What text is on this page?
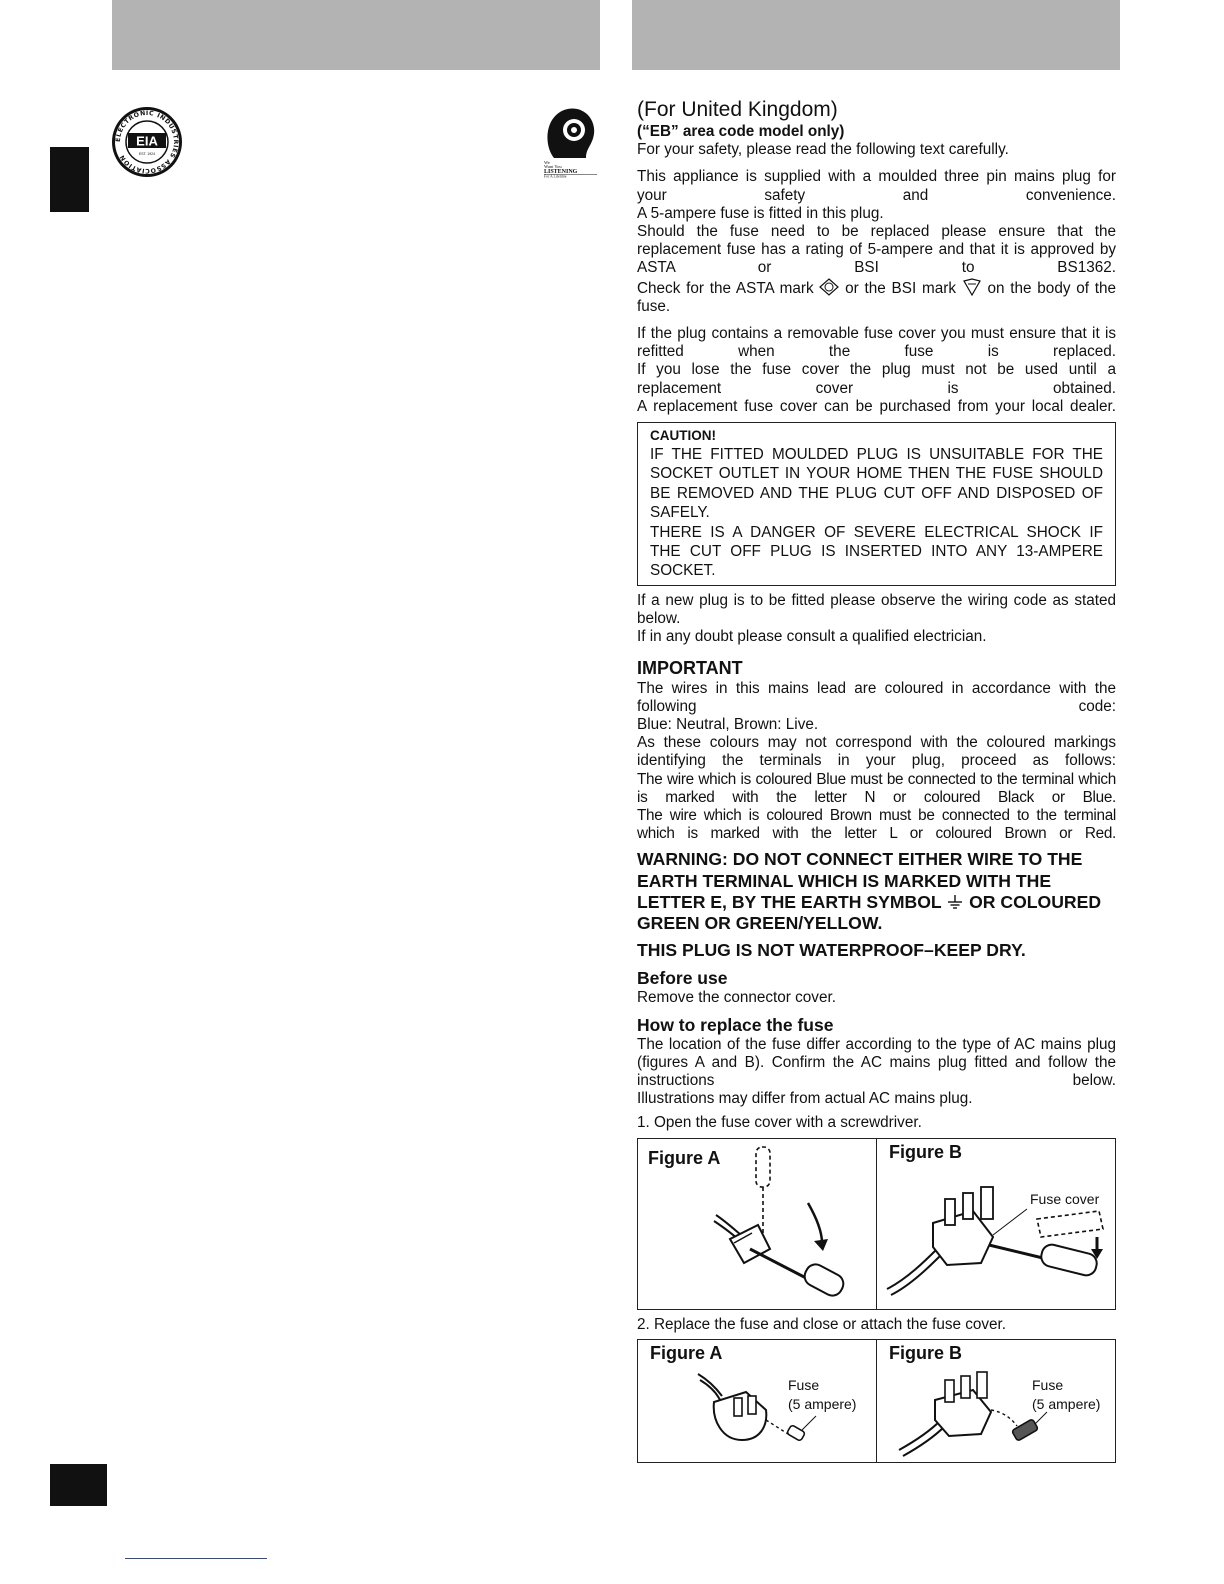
ELECTRONIC INDUSTRIES ASSOCIATION
EIA
EST. 1924
We
Want You
LISTENING
For A Lifetime
(For United Kingdom)

(“EB” area code model only)

For your safety, please read the following text carefully.

This appliance is supplied with a moulded three pin mains plug for your safety and convenience.

A 5-ampere fuse is fitted in this plug.

Should the fuse need to be replaced please ensure that the replacement fuse has a rating of 5-ampere and that it is approved by ASTA or BSI to BS1362.

Check for the ASTA mark or the BSI mark on the body of the fuse.

If the plug contains a removable fuse cover you must ensure that it is refitted when the fuse is replaced.

If you lose the fuse cover the plug must not be used until a replacement cover is obtained.

A replacement fuse cover can be purchased from your local dealer.

CAUTION!
IF THE FITTED MOULDED PLUG IS UNSUITABLE FOR THE SOCKET OUTLET IN YOUR HOME THEN THE FUSE SHOULD BE REMOVED AND THE PLUG CUT OFF AND DISPOSED OF SAFELY.
THERE IS A DANGER OF SEVERE ELECTRICAL SHOCK IF THE CUT OFF PLUG IS INSERTED INTO ANY 13-AMPERE SOCKET.

If a new plug is to be fitted please observe the wiring code as stated below.

If in any doubt please consult a qualified electrician.

IMPORTANT

The wires in this mains lead are coloured in accordance with the following code:

Blue: Neutral, Brown: Live.

As these colours may not correspond with the coloured markings identifying the terminals in your plug, proceed as follows:

The wire which is coloured Blue must be connected to the terminal which is marked with the letter N or coloured Black or Blue.

The wire which is coloured Brown must be connected to the terminal which is marked with the letter L or coloured Brown or Red.

WARNING: DO NOT CONNECT EITHER WIRE TO THE EARTH TERMINAL WHICH IS MARKED WITH THE LETTER E, BY THE EARTH SYMBOL OR COLOURED GREEN OR GREEN/YELLOW.

THIS PLUG IS NOT WATERPROOF–KEEP DRY.

Before use

Remove the connector cover.

How to replace the fuse

The location of the fuse differ according to the type of AC mains plug (figures A and B). Confirm the AC mains plug fitted and follow the instructions below.

Illustrations may differ from actual AC mains plug.

1. Open the fuse cover with a screwdriver.

Figure A	Figure B
Fuse cover

2. Replace the fuse and close or attach the fuse cover.

Figure A
Fuse
(5 ampere)
Figure B
Fuse
(5 ampere)
